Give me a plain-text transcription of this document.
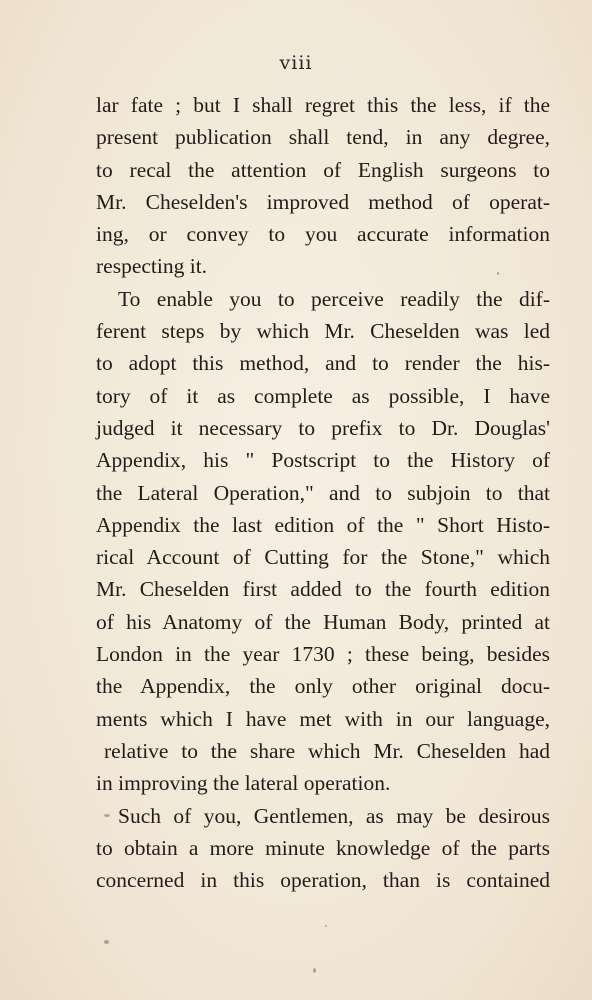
viii
lar fate ; but I shall regret this the less, if the
present publication shall tend, in any degree,
to recal the attention of English surgeons to
Mr. Cheselden's improved method of operat-
ing, or convey to you accurate information
respecting it.
To enable you to perceive readily the dif-
ferent steps by which Mr. Cheselden was led
to adopt this method, and to render the his-
tory of it as complete as possible, I have
judged it necessary to prefix to Dr. Douglas'
Appendix, his " Postscript to the History of
the Lateral Operation," and to subjoin to that
Appendix the last edition of the " Short Histo-
rical Account of Cutting for the Stone," which
Mr. Cheselden first added to the fourth edition
of his Anatomy of the Human Body, printed at
London in the year 1730 ; these being, besides
the Appendix, the only other original docu-
ments which I have met with in our language,
relative to the share which Mr. Cheselden had
in improving the lateral operation.
Such of you, Gentlemen, as may be desirous
to obtain a more minute knowledge of the parts
concerned in this operation, than is contained
